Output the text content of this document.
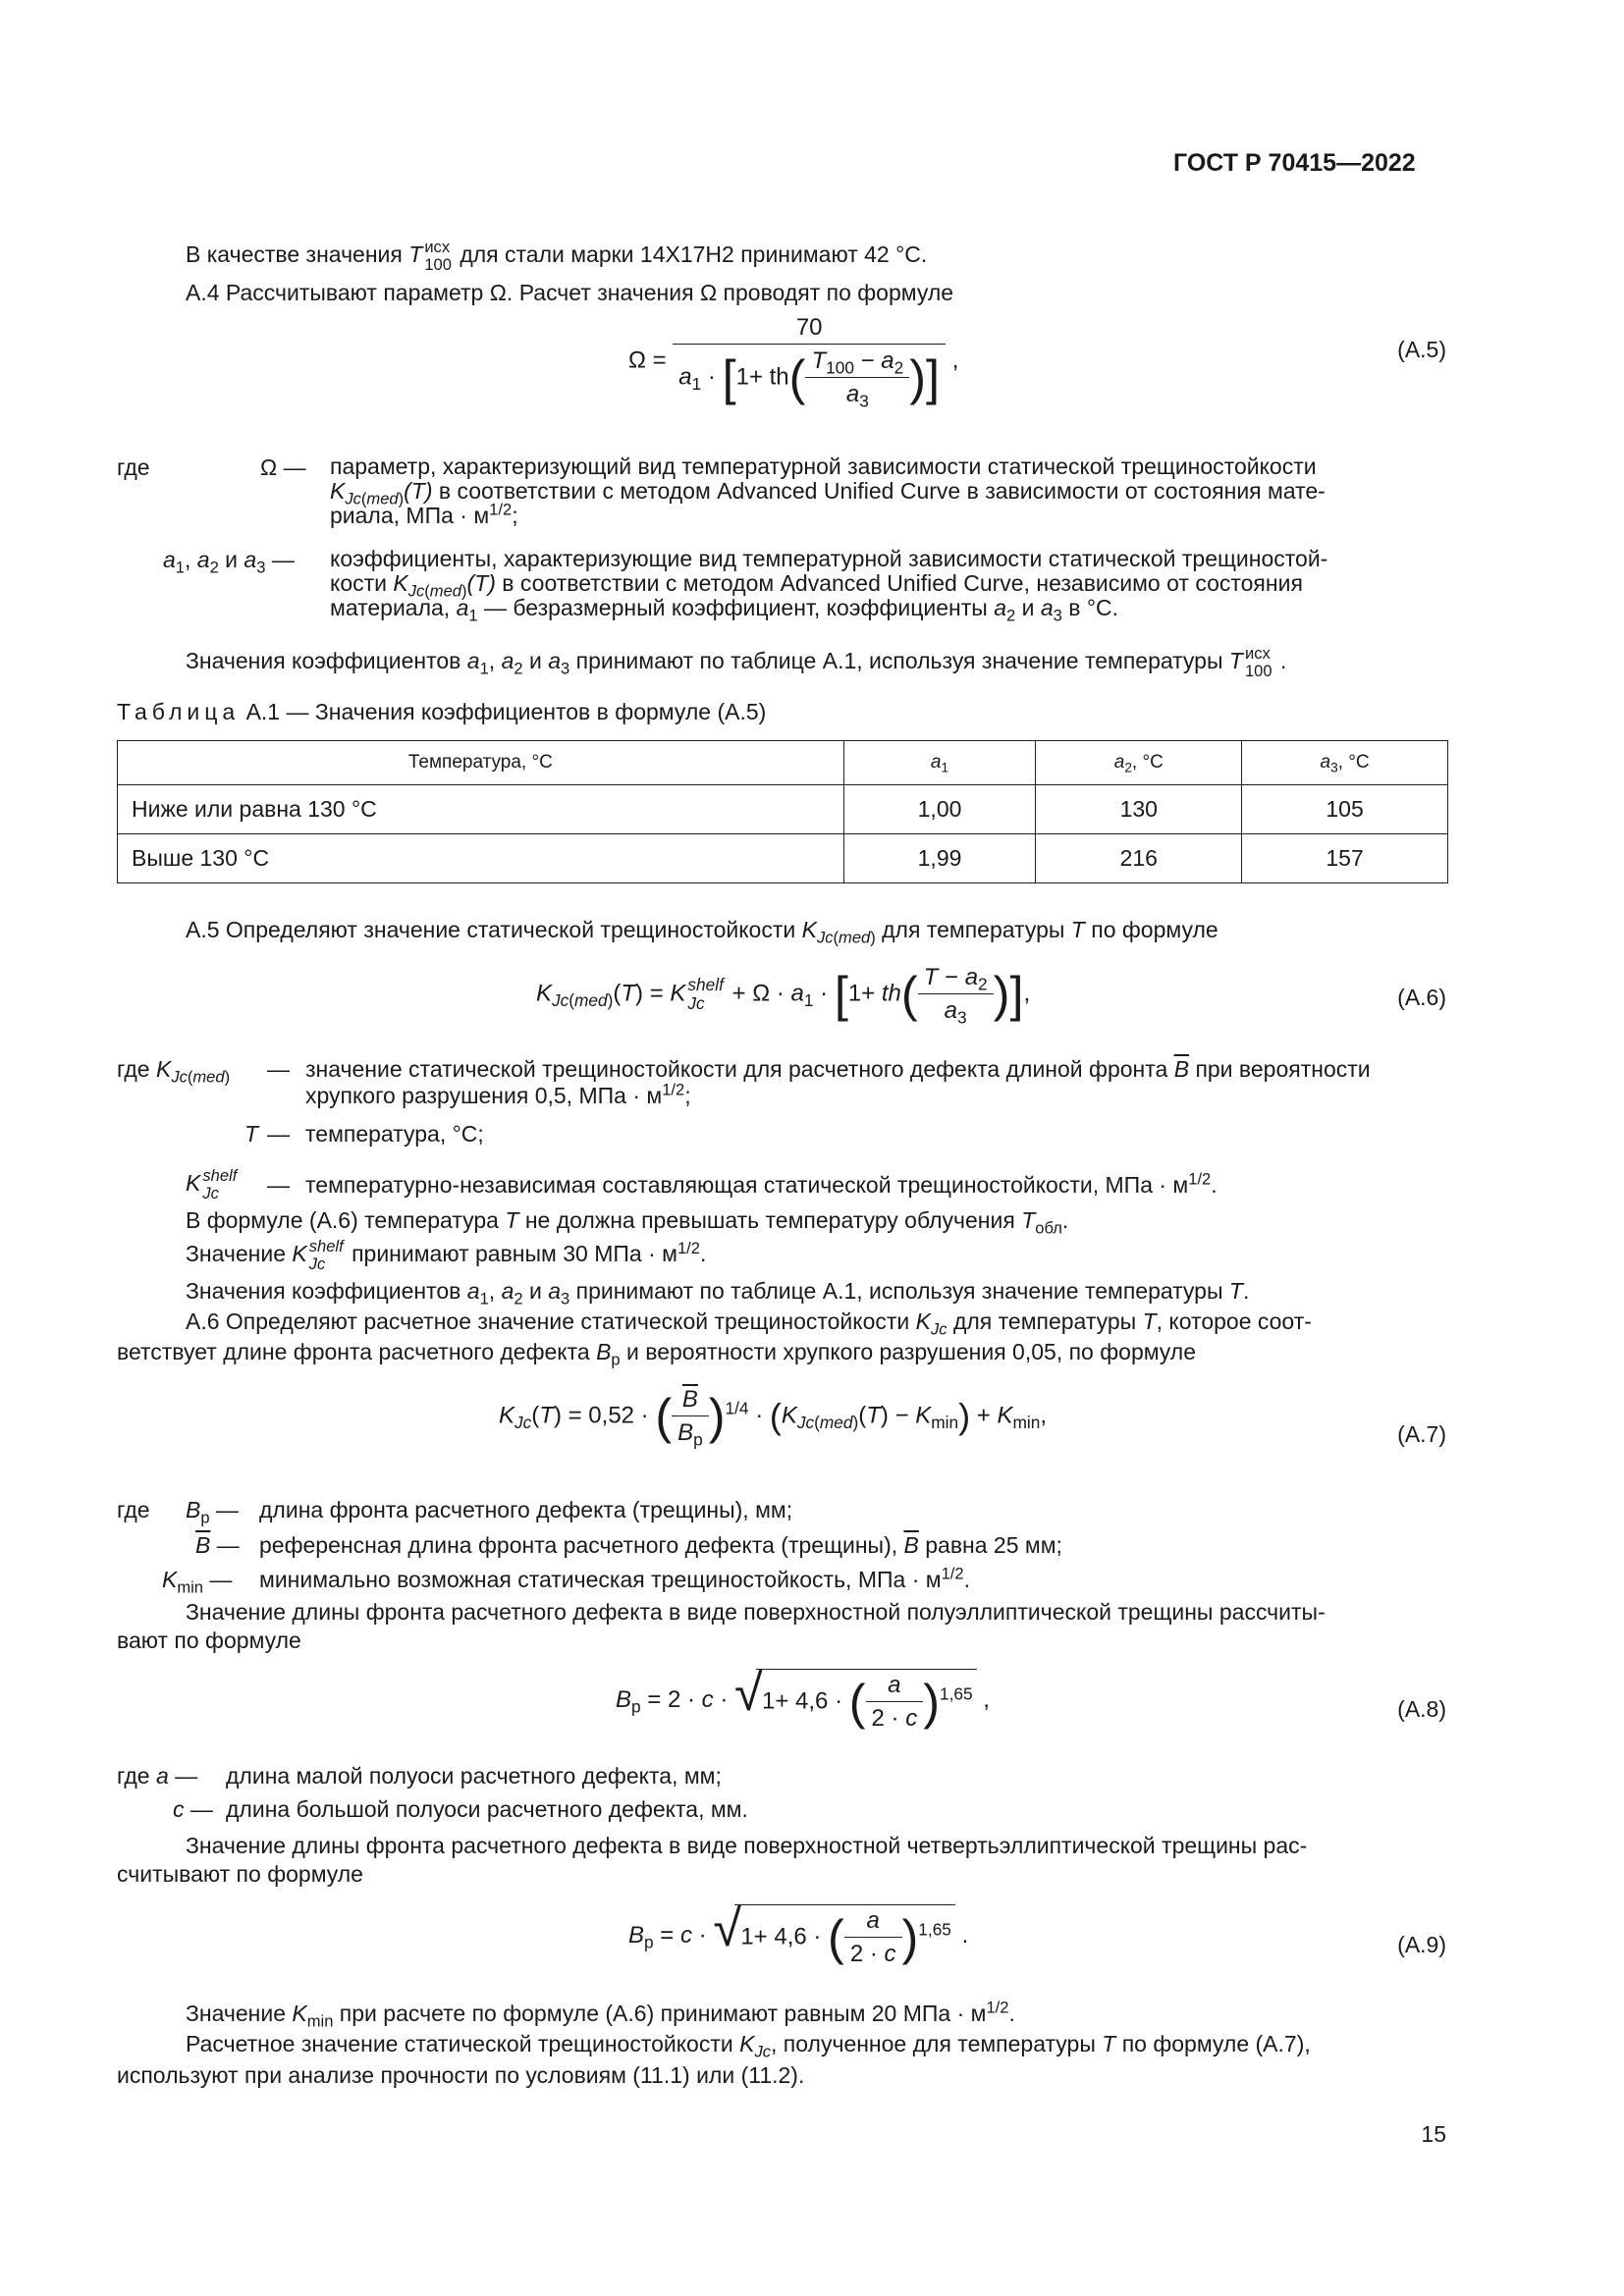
ГОСТ Р 70415—2022
В качестве значения T исх
100 для стали марки 14Х17Н2 принимают 42 °С.
А.4 Рассчитывают параметр Ω. Расчет значения Ω проводят по формуле
$\Omega = \frac{70}{a_1 \cdot [1+ th( \frac{T_{100} - a_2}{a_3} )]}$ ,	(А.5)
где	Ω — параметр, характеризующий вид температурной зависимости статической трещиностойкости
$K_{Jc(med)}(T)$ в соответствии с методом Advanced Unified Curve в зависимости от состояния мате-
риала, МПа · $м^{1/2}$;
$a_1$, $a_2$ и $a_3$ — коэффициенты, характеризующие вид температурной зависимости статической трещиностой-
кости $K_{Jc(med)}(T)$ в соответствии с методом Advanced Unified Curve, независимо от состояния
материала, $a_1$ — безразмерный коэффициент, коэффициенты $a_2$ и $a_3$ в °С.
Значения коэффициентов $a_1$, $a_2$ и $a_3$ принимают по таблице А.1, используя значение температуры T исх
100 .
Таблица А.1 — Значения коэффициентов в формуле (А.5)
Температура, °С	$a_1$	$a_2$, °С	$a_3$, °С
Ниже или равна 130 °С	1,00	130	105
Выше 130 °С	1,99	216	157
А.5 Определяют значение статической трещиностойкости $K_{Jc(med)}$ для температуры T по формуле
$K_{Jc(med)}(T) = K$ shelf
$Jc + \Omega \cdot a_1 \cdot [1+ th( \frac{T - a_2}{a_3}$ )],	(А.6)
где $K_{Jc(med)}$ — значение статической трещиностойкости для расчетного дефекта длиной фронта $\overline{B}$ при вероятности
хрупкого разрушения 0,5, МПа · $м^{1/2}$;
T — температура, °С;
K shelf
Jc	— температурно-независимая составляющая статической трещиностойкости, МПа · $м^{1/2}$.
В формуле (А.6) температура T не должна превышать температуру облучения $T_{обл}$.
Значение K shelf
Jc	принимают равным 30 МПа · $м^{1/2}$.
Значения коэффициентов $a_1$, $a_2$ и $a_3$ принимают по таблице А.1, используя значение температуры T.
А.6 Определяют расчетное значение статической трещиностойкости $K_{Jc}$ для температуры T, которое соот-
ветствует длине фронта расчетного дефекта $B_р$ и вероятности хрупкого разрушения 0,05, по формуле
$K_{Jc}(T) = 0,52$ · ( $\frac{\overline{B}}{B_р} )^{1/4} \cdot (K_{Jc(med)}(T) - K_{min}) + K_{min}$,
(А.7)
где $B_р$ — длина фронта расчетного дефекта (трещины), мм;
$\overline{B}$ — референсная длина фронта расчетного дефекта (трещины), $\overline{B}$ равна 25 мм;
$K_{min}$ — минимально возможная статическая трещиностойкость, МПа · $м^{1/2}$.
Значение длины фронта расчетного дефекта в виде поверхностной полуэллиптической трещины рассчиты-
вают по формуле
$B_р = 2 \cdot c$ · √ 1+ 4,6 · ( $\frac{a}{2 \cdot c} )^{1,65}$ ,	(А.8)
где a — длина малой полуоси расчетного дефекта, мм;
c — длина большой полуоси расчетного дефекта, мм.
Значение длины фронта расчетного дефекта в виде поверхностной четвертьэллиптической трещины рас-
считывают по формуле
$B_р = c$ · √ 1+ 4,6 · ( $\frac{a}{2 \cdot c} )^{1,65}$ .	(А.9)
Значение $K_{min}$ при расчете по формуле (А.6) принимают равным 20 МПа · $м^{1/2}$.
Расчетное значение статической трещиностойкости $K_{Jc}$, полученное для температуры T по формуле (А.7),
используют при анализе прочности по условиям (11.1) или (11.2).
15
